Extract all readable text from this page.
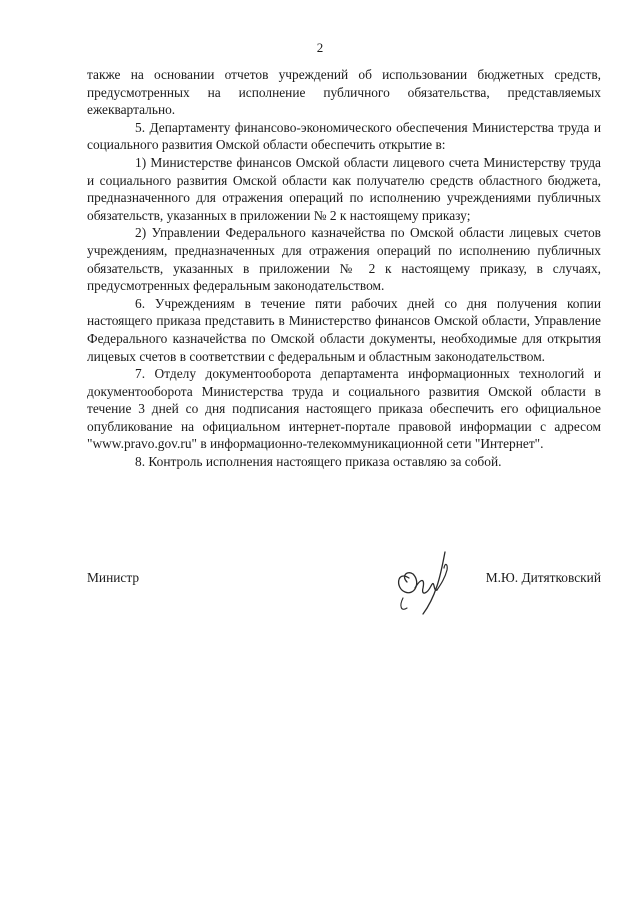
2

также на основании отчетов учреждений об использовании бюджетных средств, предусмотренных на исполнение публичного обязательства, представляемых ежеквартально.

5. Департаменту финансово-экономического обеспечения Министерства труда и социального развития Омской области обеспечить открытие в:

1) Министерстве финансов Омской области лицевого счета Министерству труда и социального развития Омской области как получателю средств областного бюджета, предназначенного для отражения операций по исполнению учреждениями публичных обязательств, указанных в приложении № 2 к настоящему приказу;

2) Управлении Федерального казначейства по Омской области лицевых счетов учреждениям, предназначенных для отражения операций по исполнению публичных обязательств, указанных в приложении № 2 к настоящему приказу, в случаях, предусмотренных федеральным законодательством.

6. Учреждениям в течение пяти рабочих дней со дня получения копии настоящего приказа представить в Министерство финансов Омской области, Управление Федерального казначейства по Омской области документы, необходимые для открытия лицевых счетов в соответствии с федеральным и областным законодательством.

7. Отделу документооборота департамента информационных технологий и документооборота Министерства труда и социального развития Омской области в течение 3 дней со дня подписания настоящего приказа обеспечить его официальное опубликование на официальном интернет-портале правовой информации с адресом "www.pravo.gov.ru" в информационно-телекоммуникационной сети "Интернет".

8. Контроль исполнения настоящего приказа оставляю за собой.

Министр	М.Ю. Дитятковский
